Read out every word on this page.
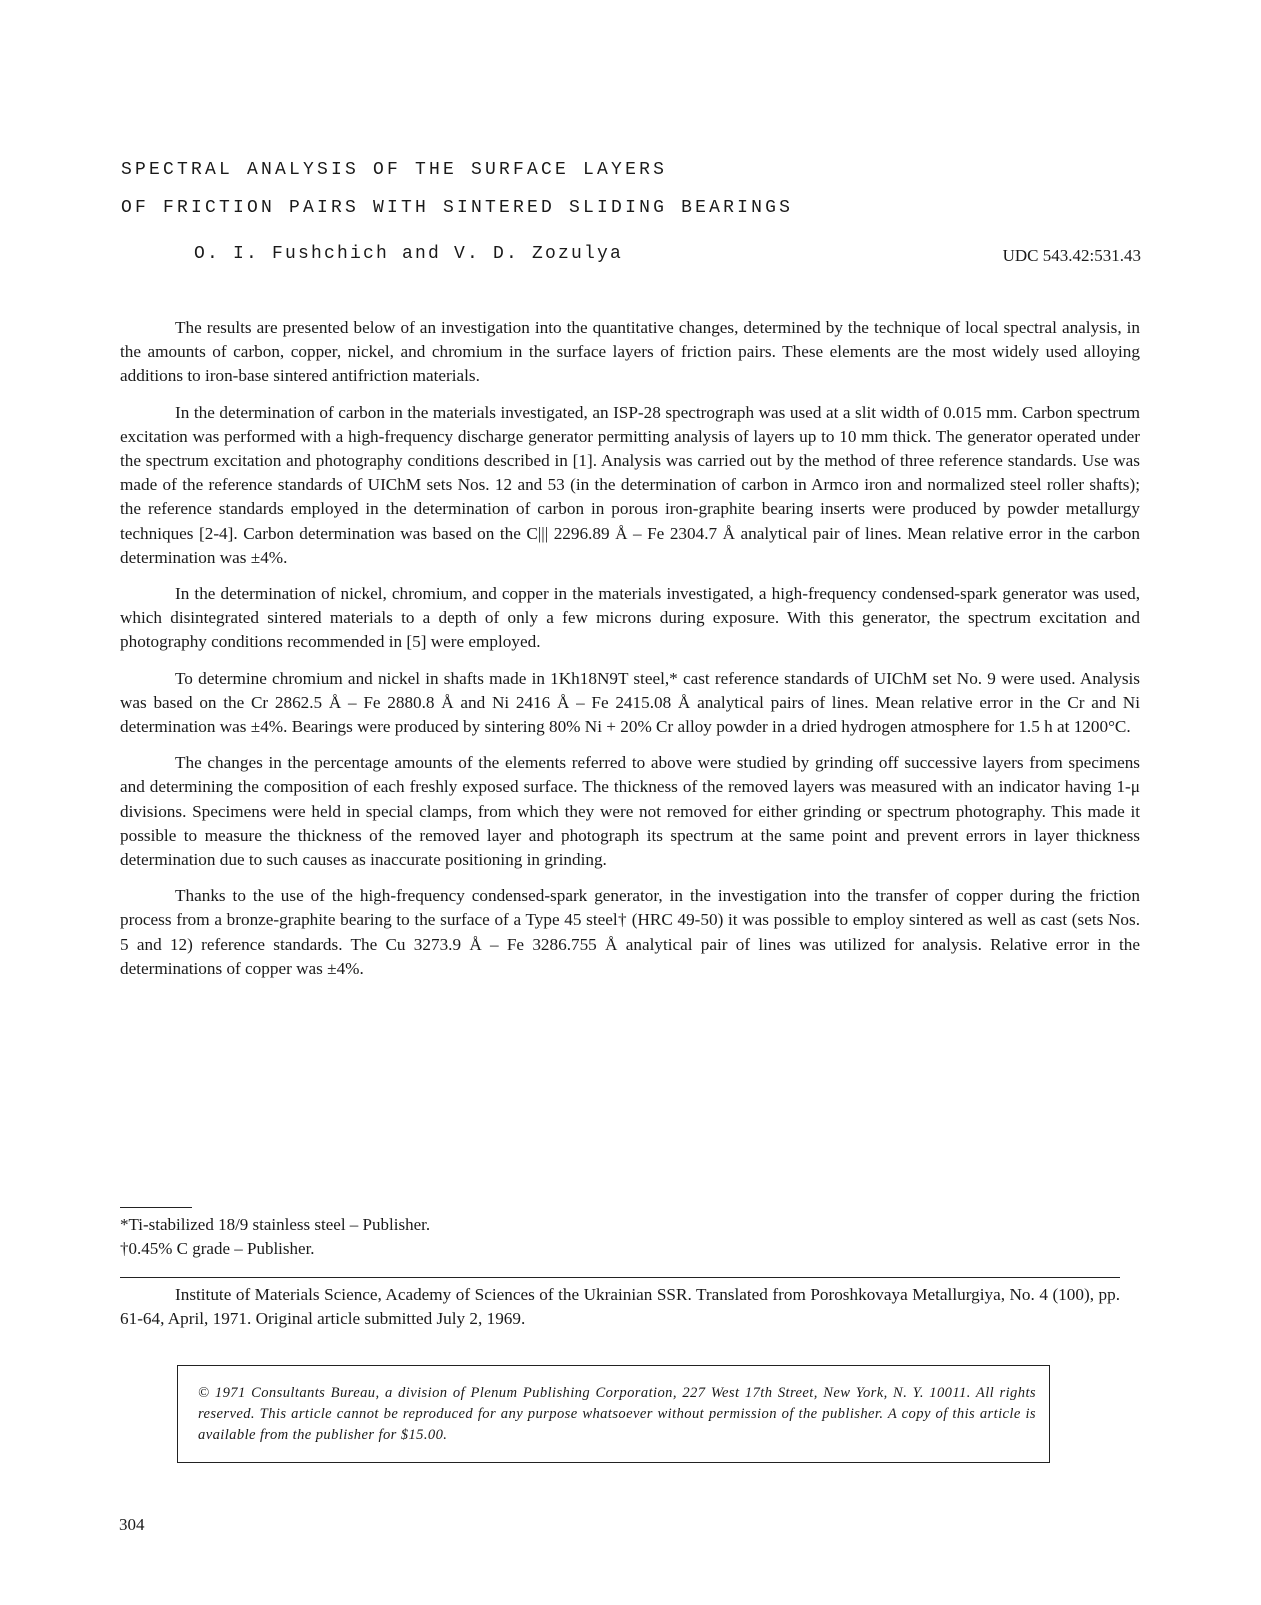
SPECTRAL ANALYSIS OF THE SURFACE LAYERS
OF FRICTION PAIRS WITH SINTERED SLIDING BEARINGS
O. I. Fushchich and V. D. Zozulya	UDC 543.42:531.43

The results are presented below of an investigation into the quantitative changes, determined by the technique of local spectral analysis, in the amounts of carbon, copper, nickel, and chromium in the surface layers of friction pairs. These elements are the most widely used alloying additions to iron-base sintered antifriction materials.

In the determination of carbon in the materials investigated, an ISP-28 spectrograph was used at a slit width of 0.015 mm. Carbon spectrum excitation was performed with a high-frequency discharge generator permitting analysis of layers up to 10 mm thick. The generator operated under the spectrum excitation and photography conditions described in [1]. Analysis was carried out by the method of three reference standards. Use was made of the reference standards of UIChM sets Nos. 12 and 53 (in the determination of carbon in Armco iron and normalized steel roller shafts); the reference standards employed in the determination of carbon in porous iron-graphite bearing inserts were produced by powder metallurgy techniques [2-4]. Carbon determination was based on the C||| 2296.89 Å – Fe 2304.7 Å analytical pair of lines. Mean relative error in the carbon determination was ±4%.

In the determination of nickel, chromium, and copper in the materials investigated, a high-frequency condensed-spark generator was used, which disintegrated sintered materials to a depth of only a few microns during exposure. With this generator, the spectrum excitation and photography conditions recommended in [5] were employed.

To determine chromium and nickel in shafts made in 1Kh18N9T steel,* cast reference standards of UIChM set No. 9 were used. Analysis was based on the Cr 2862.5 Å – Fe 2880.8 Å and Ni 2416 Å – Fe 2415.08 Å analytical pairs of lines. Mean relative error in the Cr and Ni determination was ±4%. Bearings were produced by sintering 80% Ni + 20% Cr alloy powder in a dried hydrogen atmosphere for 1.5 h at 1200°C.

The changes in the percentage amounts of the elements referred to above were studied by grinding off successive layers from specimens and determining the composition of each freshly exposed surface. The thickness of the removed layers was measured with an indicator having 1-μ divisions. Specimens were held in special clamps, from which they were not removed for either grinding or spectrum photography. This made it possible to measure the thickness of the removed layer and photograph its spectrum at the same point and prevent errors in layer thickness determination due to such causes as inaccurate positioning in grinding.

Thanks to the use of the high-frequency condensed-spark generator, in the investigation into the transfer of copper during the friction process from a bronze-graphite bearing to the surface of a Type 45 steel† (HRC 49-50) it was possible to employ sintered as well as cast (sets Nos. 5 and 12) reference standards. The Cu 3273.9 Å – Fe 3286.755 Å analytical pair of lines was utilized for analysis. Relative error in the determinations of copper was ±4%.

*Ti-stabilized 18/9 stainless steel – Publisher.
†0.45% C grade – Publisher.
Institute of Materials Science, Academy of Sciences of the Ukrainian SSR. Translated from Poroshkovaya Metallurgiya, No. 4 (100), pp. 61-64, April, 1971. Original article submitted July 2, 1969.
© 1971 Consultants Bureau, a division of Plenum Publishing Corporation, 227 West 17th Street, New York, N. Y. 10011. All rights reserved. This article cannot be reproduced for any purpose whatsoever without permission of the publisher. A copy of this article is available from the publisher for $15.00.
304
